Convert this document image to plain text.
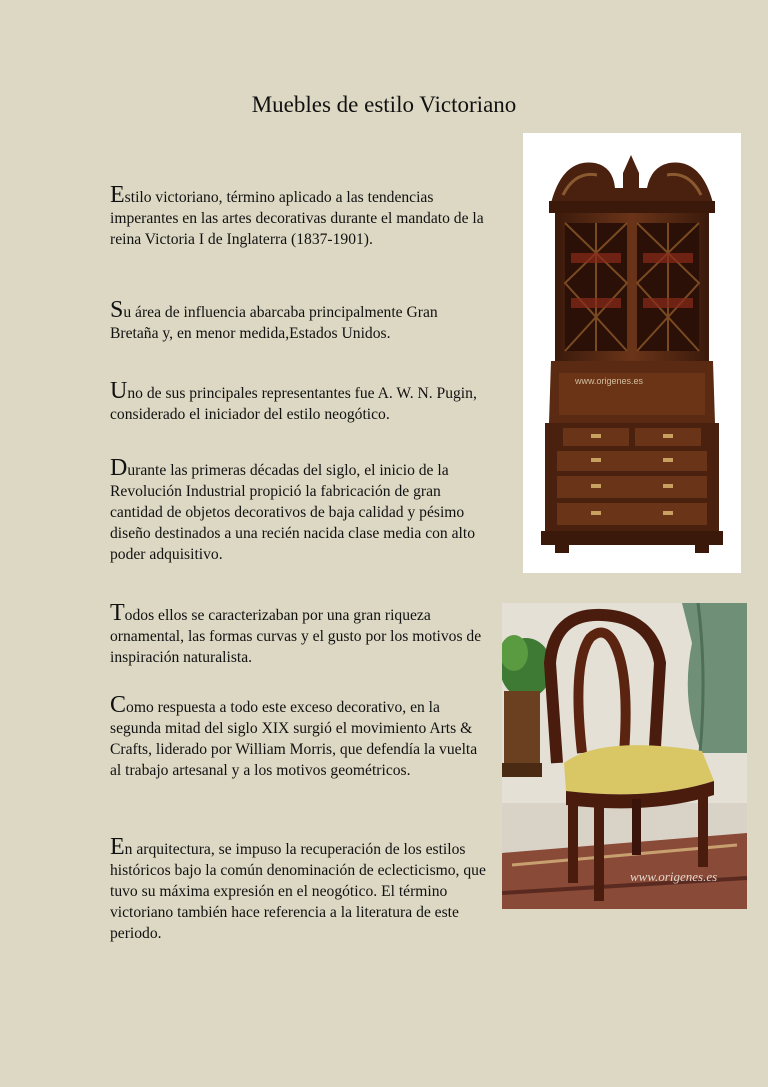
Muebles de estilo Victoriano
Estilo victoriano, término aplicado a las tendencias imperantes en las artes decorativas durante el mandato de la reina Victoria I de Inglaterra (1837-1901).
Su área de influencia abarcaba principalmente Gran Bretaña y, en menor medida,Estados Unidos.
Uno de sus principales representantes fue A. W. N. Pugin, considerado el iniciador del estilo neogótico.
Durante las primeras décadas del siglo, el inicio de la Revolución Industrial propició la fabricación de gran cantidad de objetos decorativos de baja calidad y pésimo diseño destinados a una recién nacida clase media con alto poder adquisitivo.
Todos ellos se caracterizaban por una gran riqueza ornamental, las formas curvas y el gusto por los motivos de inspiración naturalista.
Como respuesta a todo este exceso decorativo, en la segunda mitad del siglo XIX surgió el movimiento Arts & Crafts, liderado por William Morris, que defendía la vuelta al trabajo artesanal y a los motivos geométricos.
En arquitectura, se impuso la recuperación de los estilos históricos bajo la común denominación de eclecticismo, que tuvo su máxima expresión en el neogótico. El término victoriano también hace referencia a la literatura de este periodo.
www.origenes.es
www.origenes.es
